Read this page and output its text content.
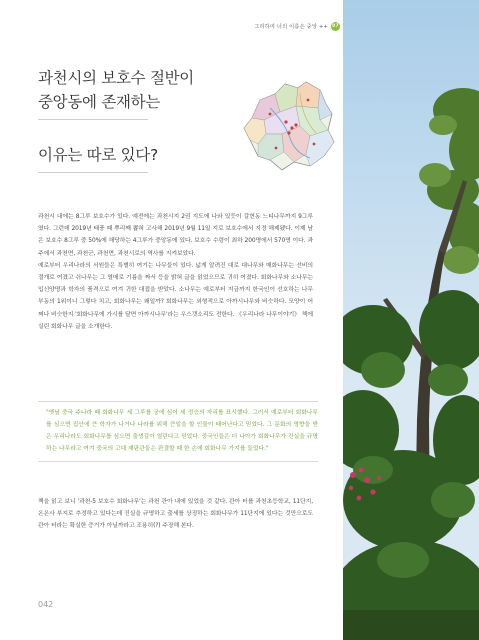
그리하여 너의 이름은 중앙 ++ 07
과천시의 보호수 절반이
중앙동에 존재하는
이유는 따로 있다?

과천시 내에는 8그루 보호수가 있다. 예전에는 과천시지 2권 지도에 나와 있듯이 갈현동 느티나무까지 9그루였다. 그런데 2019년 태풍 때 뿌리째 뽑혀 고사해 2019년 9월 11일 지로 보호수에서 지정 해제됐다. 이제 남은 보호수 8그루 중 50%에 해당하는 4그루가 중앙동에 있다. 보호수 수령이 최하 200명에서 570명 이다. 과주에서 과천면, 과천군, 과천면, 과천시로의 역사를 지켜보았다.

예로부터 우리나라의 서원들은 특별히 여기는 나무들이 있다. 넓게 알려진 대로 대나무와 매화나무는 선비의 절개로 여겼고 쉬나무는 그 열매로 기름을 짜서 등을 밝혀 글을 읽었으므로 귀히 여겼다. 회화나무와 소나무는 입신양명과 학자의 품격으로 여겨 귀한 대접을 받았다. 소나무는 예로부터 지금까지 한국인이 선호하는 나무 부동의 1위이니 그렇다 치고, 회화나무는 왜일까? 회화나무는 외형적으로 아까시나무와 비슷하다. 모양이 어쩌나 비슷한지 '회화나무에 가시를 달면 아까시나무'라는 우스갯소리도 전한다. 《우리나라 나무이야기》 책에 실린 회화나무 글을 소개한다.

"옛날 중국 주나라 때 회화나무 세 그루를 궁에 심어 세 정승의 자리를 표시했다. 그러서 예로부터 회화나무를 심으면 집안에 큰 학자가 나거나 나라를 위해 큰일을 할 인물이 태어난다고 믿었다. 그 문화의 영향을 받은 우리나라도 회화나무를 심으면 출생길이 열린다고 믿었다. 중국인들은 더 나아가 회화나무가 진실을 규명하는 나무라고 여겨 중국의 고대 재판관들은 판결할 때 한 손에 회화나무 가지를 들었다."

책을 읽고 보니 '과천-5 보호수 회화나무'는 과천 관아 내에 있었을 것 같다. 관아 터를 과천초등학교, 11단지, 온온사 부지로 추정하고 있다는데 진실을 규명하고 출세를 상징하는 회화나무가 11단지에 있다는 것만으로도 관아 터라는 확실한 증거가 아닐까라고 조용히(?) 주장해 본다.

042
